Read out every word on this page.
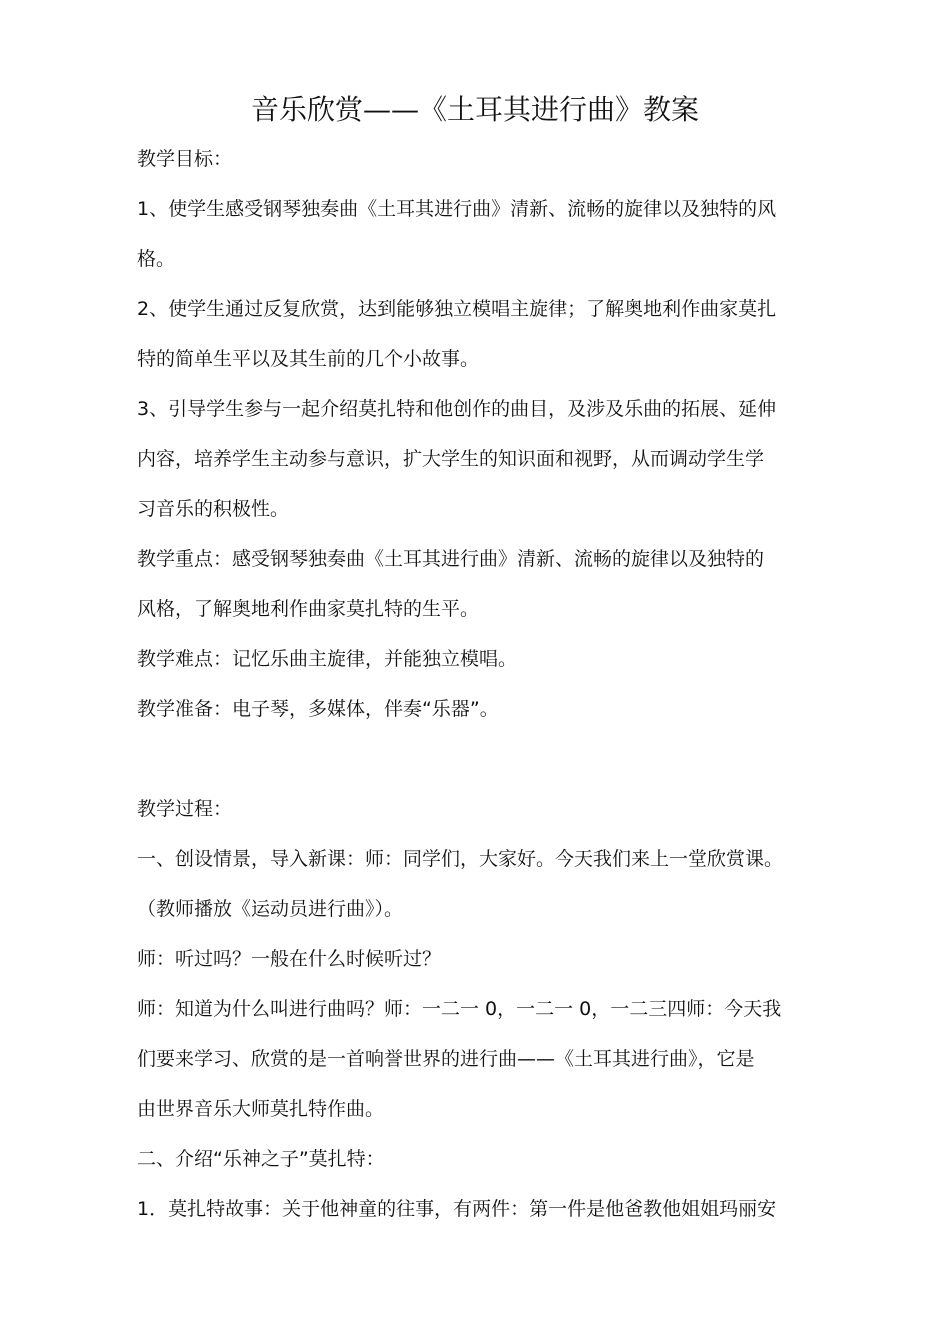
音乐欣赏——《土耳其进行曲》教案
教学目标：
1、使学生感受钢琴独奏曲《土耳其进行曲》清新、流畅的旋律以及独特的风
格。
2、使学生通过反复欣赏，达到能够独立模唱主旋律；了解奥地利作曲家莫扎
特的简单生平以及其生前的几个小故事。
3、引导学生参与一起介绍莫扎特和他创作的曲目，及涉及乐曲的拓展、延伸
内容，培养学生主动参与意识，扩大学生的知识面和视野，从而调动学生学
习音乐的积极性。
教学重点：感受钢琴独奏曲《土耳其进行曲》清新、流畅的旋律以及独特的
风格，了解奥地利作曲家莫扎特的生平。
教学难点：记忆乐曲主旋律，并能独立模唱。
教学准备：电子琴，多媒体，伴奏“乐器”。
教学过程：
一、创设情景，导入新课：师：同学们，大家好。今天我们来上一堂欣赏课。
（教师播放《运动员进行曲》）。
师：听过吗？一般在什么时候听过？
师：知道为什么叫进行曲吗？师：一二一 0，一二一 0，一二三四师：今天我
们要来学习、欣赏的是一首响誉世界的进行曲——《土耳其进行曲》，它是
由世界音乐大师莫扎特作曲。
二、介绍“乐神之子”莫扎特：
1．莫扎特故事：关于他神童的往事，有两件：第一件是他爸教他姐姐玛丽安
